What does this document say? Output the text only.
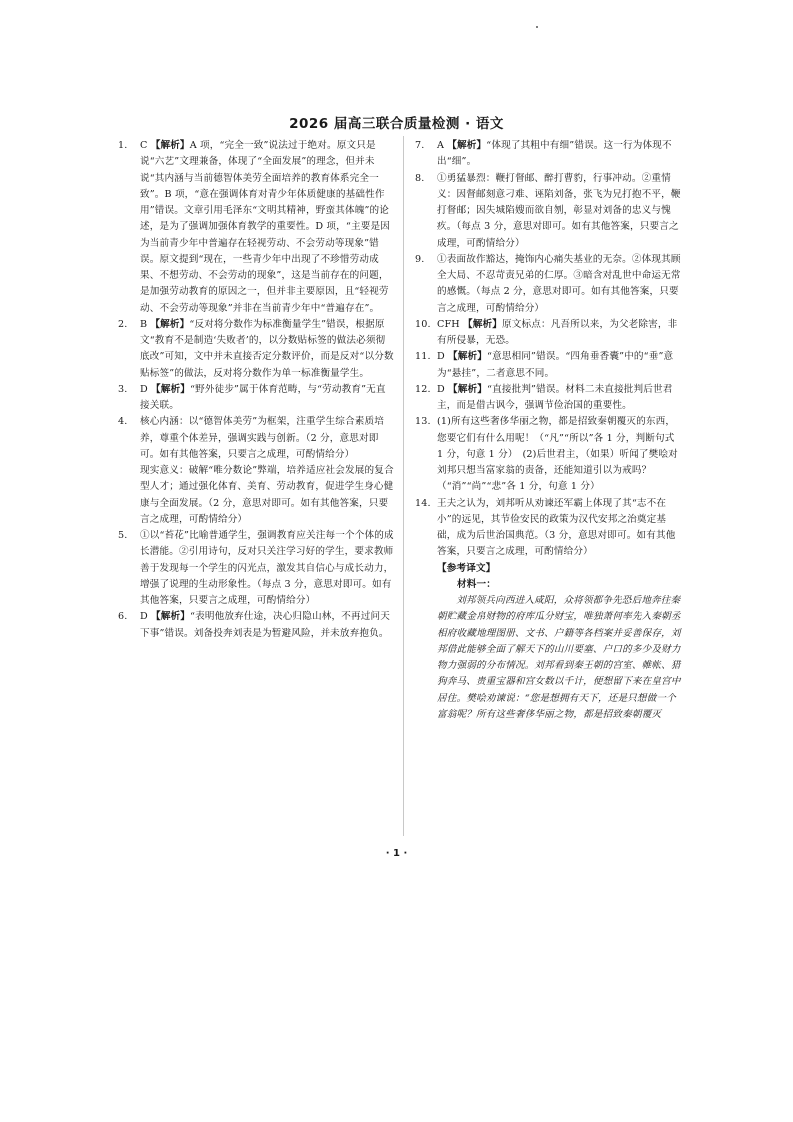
2026 届高三联合质量检测 · 语文

1. C 【解析】A 项，“完全一致”说法过于绝对。原文只是说“六艺”文理兼备，体现了“全面发展”的理念，但并未说“其内涵与当前德智体美劳全面培养的教育体系完全一致”。B 项，“意在强调体育对青少年体质健康的基础性作用”错误。文章引用毛泽东“文明其精神，野蛮其体魄”的论述，是为了强调加强体育教学的重要性。D 项，“主要是因为当前青少年中普遍存在轻视劳动、不会劳动等现象”错误。原文提到“现在，一些青少年中出现了不珍惜劳动成果、不想劳动、不会劳动的现象”，这是当前存在的问题，是加强劳动教育的原因之一，但并非主要原因，且“轻视劳动、不会劳动等现象”并非在当前青少年中“普遍存在”。

2. B 【解析】“反对将分数作为标准衡量学生”错误，根据原文“教育不是制造‘失败者’的，以分数贴标签的做法必须彻底改”可知，文中并未直接否定分数评价，而是反对“以分数贴标签”的做法，反对将分数作为单一标准衡量学生。

3. D 【解析】“野外徒步”属于体育范畴，与“劳动教育”无直接关联。

4. 核心内涵：以“德智体美劳”为框架，注重学生综合素质培养，尊重个体差异，强调实践与创新。（2 分，意思对即可。如有其他答案，只要言之成理，可酌情给分）

现实意义：破解“唯分数论”弊端，培养适应社会发展的复合型人才；通过强化体育、美育、劳动教育，促进学生身心健康与全面发展。（2 分，意思对即可。如有其他答案，只要言之成理，可酌情给分）

5. ①以“苔花”比喻普通学生，强调教育应关注每一个个体的成长潜能。②引用诗句，反对只关注学习好的学生，要求教师善于发现每一个学生的闪光点，激发其自信心与成长动力，增强了说理的生动形象性。（每点 3 分，意思对即可。如有其他答案，只要言之成理，可酌情给分）

6. D 【解析】“表明他放弃仕途，决心归隐山林，不再过问天下事”错误。刘备投奔刘表是为暂避风险，并未放弃抱负。

7. A 【解析】“体现了其粗中有细”错误。这一行为体现不出“细”。

8. ①勇猛暴烈：鞭打督邮、醉打曹豹，行事冲动。②重情义：因督邮刻意刁难、诬陷刘备，张飞为兄打抱不平，鞭打督邮；因失城陷嫂而欲自刎，彰显对刘备的忠义与愧疚。（每点 3 分，意思对即可。如有其他答案，只要言之成理，可酌情给分）

9. ①表面故作豁达，掩饰内心痛失基业的无奈。②体现其顾全大局、不忍苛责兄弟的仁厚。③暗含对乱世中命运无常的感慨。（每点 2 分，意思对即可。如有其他答案，只要言之成理，可酌情给分）

10. CFH 【解析】原文标点：凡吾所以来，为父老除害，非有所侵暴，无恐。

11. D 【解析】“意思相同”错误。“四角垂香囊”中的“垂”意为“悬挂”，二者意思不同。

12. D 【解析】“直接批判”错误。材料二未直接批判后世君主，而是借古讽今，强调节俭治国的重要性。

13. (1)所有这些奢侈华丽之物，都是招致秦朝覆灭的东西，您要它们有什么用呢！（“凡”“所以”各 1 分，判断句式 1 分，句意 1 分）　(2)后世君主，（如果）听闻了樊哙对刘邦只想当富家翁的责备，还能知道引以为戒吗？（“消”“尚”“悲”各 1 分，句意 1 分）

14. 王夫之认为，刘邦听从劝谏还军霸上体现了其“志不在小”的远见，其节俭安民的政策为汉代安邦之治奠定基础，成为后世治国典范。（3 分，意思对即可。如有其他答案，只要言之成理，可酌情给分）

【参考译文】

材料一：

刘邦领兵向西进入咸阳，众将领都争先恐后地奔往秦朝贮藏金帛财物的府库瓜分财宝，唯独萧何率先入秦朝丞相府收藏地理图册、文书、户籍等各档案并妥善保存，刘邦借此能够全面了解天下的山川要塞、户口的多少及财力物力强弱的分布情况。刘邦看到秦王朝的宫室、帷帐、猎狗奔马、贵重宝器和宫女数以千计，便想留下来在皇宫中居住。樊哙劝谏说：“您是想拥有天下，还是只想做一个富翁呢？所有这些奢侈华丽之物，都是招致秦朝覆灭

· 1 ·
